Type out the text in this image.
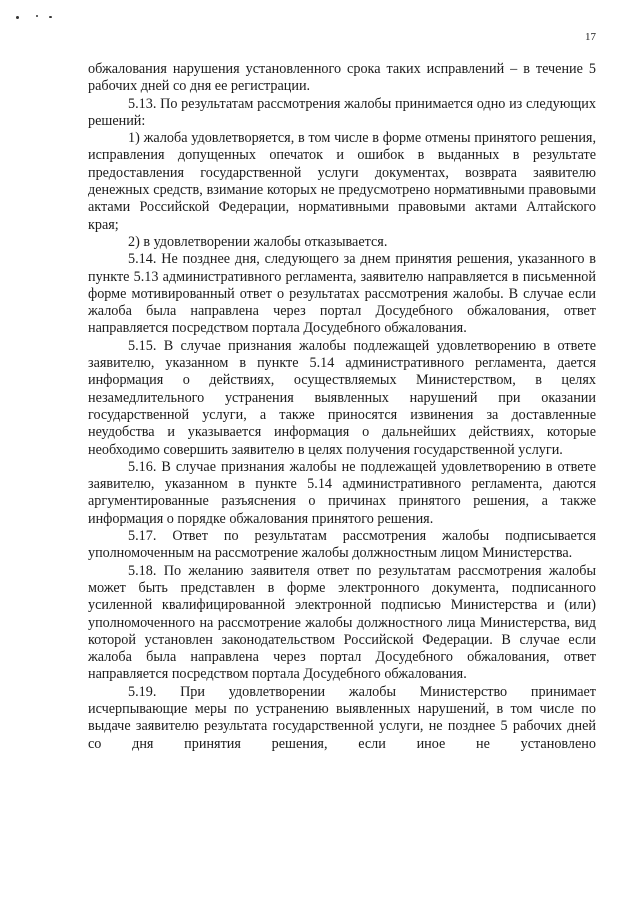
17

обжалования нарушения установленного срока таких исправлений – в течение 5 рабочих дней со дня ее регистрации.

5.13. По результатам рассмотрения жалобы принимается одно из следующих решений:

1) жалоба удовлетворяется, в том числе в форме отмены принятого решения, исправления допущенных опечаток и ошибок в выданных в результате предоставления государственной услуги документах, возврата заявителю денежных средств, взимание которых не предусмотрено нормативными правовыми актами Российской Федерации, нормативными правовыми актами Алтайского края;

2) в удовлетворении жалобы отказывается.

5.14. Не позднее дня, следующего за днем принятия решения, указанного в пункте 5.13 административного регламента, заявителю направляется в письменной форме мотивированный ответ о результатах рассмотрения жалобы. В случае если жалоба была направлена через портал Досудебного обжалования, ответ направляется посредством портала Досудебного обжалования.

5.15. В случае признания жалобы подлежащей удовлетворению в ответе заявителю, указанном в пункте 5.14 административного регламента, дается информация о действиях, осуществляемых Министерством, в целях незамедлительного устранения выявленных нарушений при оказании государственной услуги, а также приносятся извинения за доставленные неудобства и указывается информация о дальнейших действиях, которые необходимо совершить заявителю в целях получения государственной услуги.

5.16. В случае признания жалобы не подлежащей удовлетворению в ответе заявителю, указанном в пункте 5.14 административного регламента, даются аргументированные разъяснения о причинах принятого решения, а также информация о порядке обжалования принятого решения.

5.17. Ответ по результатам рассмотрения жалобы подписывается уполномоченным на рассмотрение жалобы должностным лицом Министерства.

5.18. По желанию заявителя ответ по результатам рассмотрения жалобы может быть представлен в форме электронного документа, подписанного усиленной квалифицированной электронной подписью Министерства и (или) уполномоченного на рассмотрение жалобы должностного лица Министерства, вид которой установлен законодательством Российской Федерации. В случае если жалоба была направлена через портал Досудебного обжалования, ответ направляется посредством портала Досудебного обжалования.

5.19. При удовлетворении жалобы Министерство принимает исчерпывающие меры по устранению выявленных нарушений, в том числе по выдаче заявителю результата государственной услуги, не позднее 5 рабочих дней со дня принятия решения, если иное не установлено
